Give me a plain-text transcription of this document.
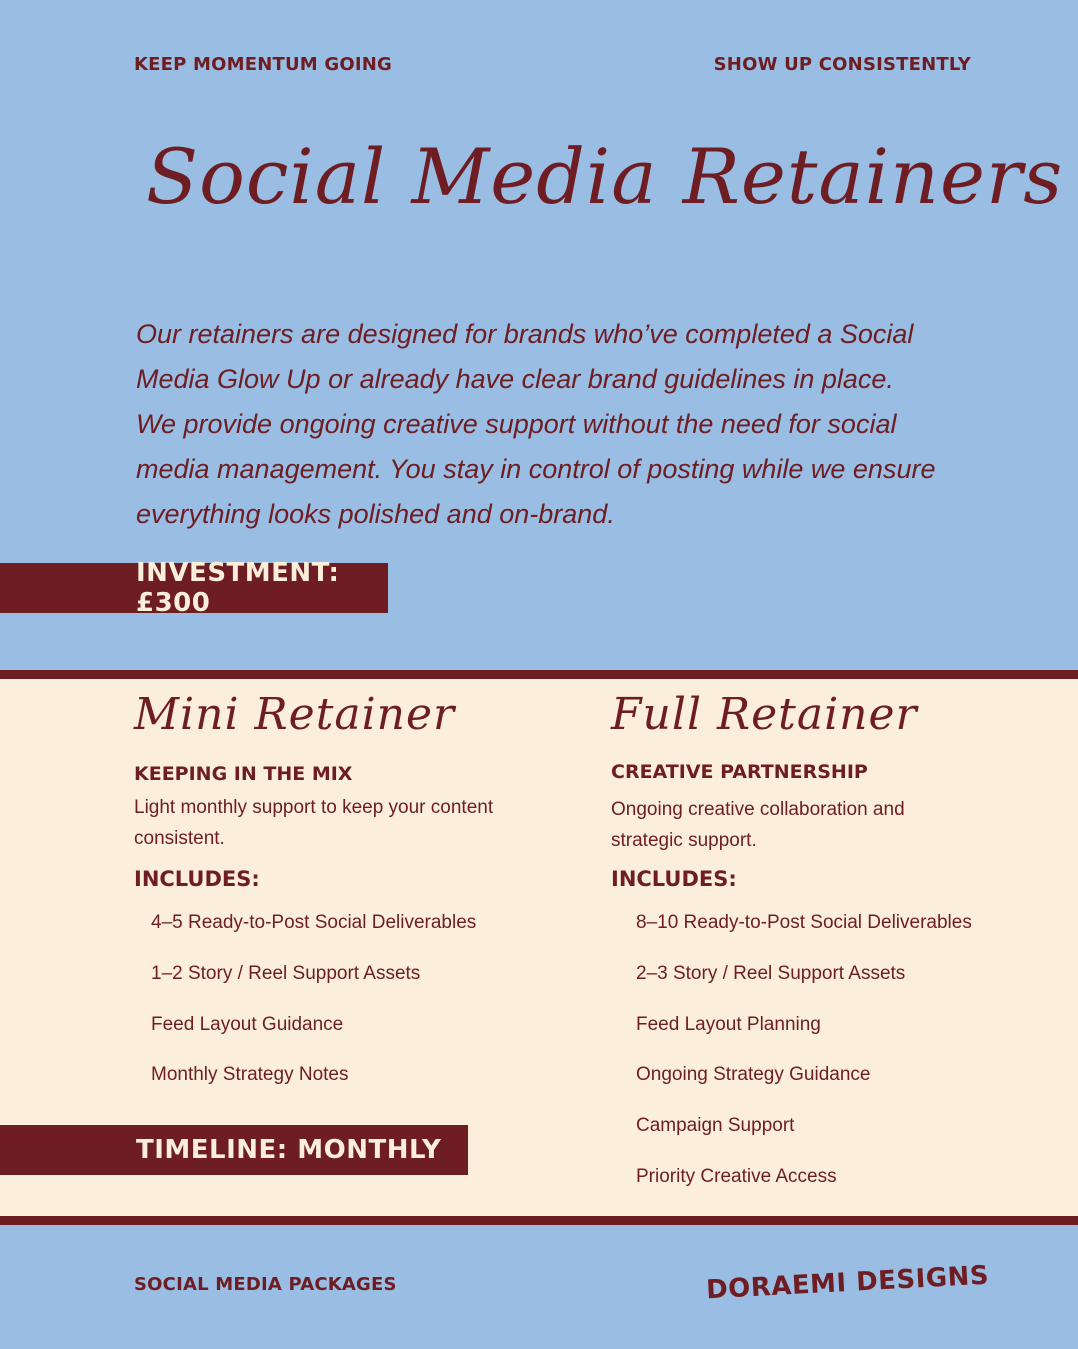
KEEP MOMENTUM GOING	SHOW UP CONSISTENTLY
Social Media Retainers
Our retainers are designed for brands who’ve completed a Social Media Glow Up or already have clear brand guidelines in place. We provide ongoing creative support without the need for social media management. You stay in control of posting while we ensure everything looks polished and on-brand.
INVESTMENT: £300
Mini Retainer
KEEPING IN THE MIX
Light monthly support to keep your content consistent.
INCLUDES:
4–5 Ready-to-Post Social Deliverables
1–2 Story / Reel Support Assets
Feed Layout Guidance
Monthly Strategy Notes
TIMELINE: MONTHLY
Full Retainer
CREATIVE PARTNERSHIP
Ongoing creative collaboration and strategic support.
INCLUDES:
8–10 Ready-to-Post Social Deliverables
2–3 Story / Reel Support Assets
Feed Layout Planning
Ongoing Strategy Guidance
Campaign Support
Priority Creative Access
SOCIAL MEDIA PACKAGES	DORAEMI DESIGNS
